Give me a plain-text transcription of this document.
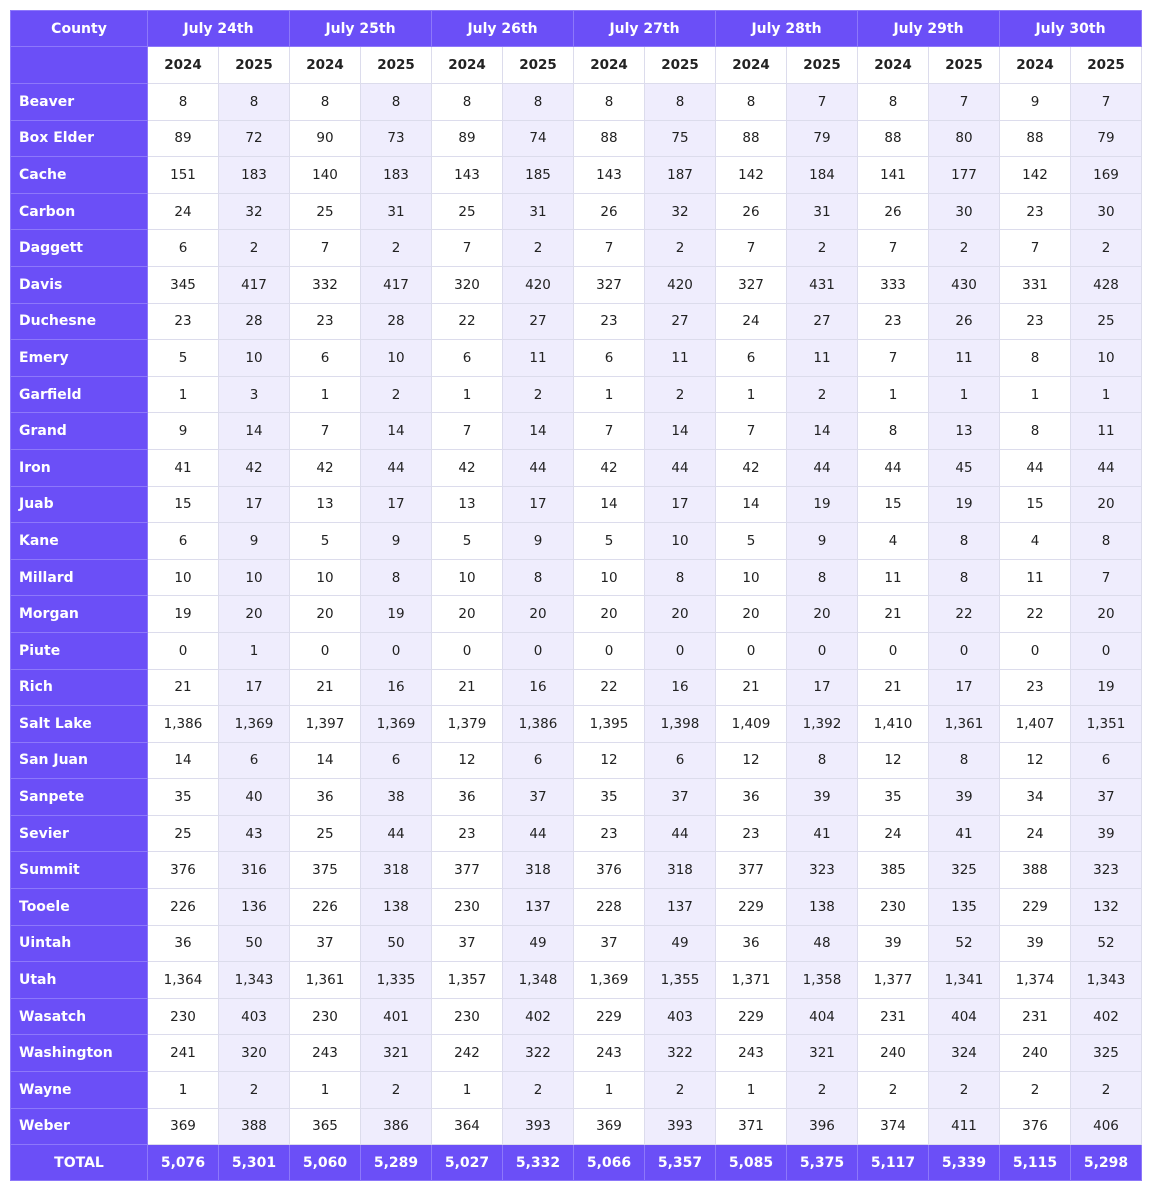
County	July 24th		July 25th		July 26th		July 27th		July 28th		July 29th		July 30th	
	2024	2025	2024	2025	2024	2025	2024	2025	2024	2025	2024	2025	2024	2025
Beaver	8	8	8	8	8	8	8	8	8	7	8	7	9	7
Box Elder	89	72	90	73	89	74	88	75	88	79	88	80	88	79
Cache	151	183	140	183	143	185	143	187	142	184	141	177	142	169
Carbon	24	32	25	31	25	31	26	32	26	31	26	30	23	30
Daggett	6	2	7	2	7	2	7	2	7	2	7	2	7	2
Davis	345	417	332	417	320	420	327	420	327	431	333	430	331	428
Duchesne	23	28	23	28	22	27	23	27	24	27	23	26	23	25
Emery	5	10	6	10	6	11	6	11	6	11	7	11	8	10
Garfield	1	3	1	2	1	2	1	2	1	2	1	1	1	1
Grand	9	14	7	14	7	14	7	14	7	14	8	13	8	11
Iron	41	42	42	44	42	44	42	44	42	44	44	45	44	44
Juab	15	17	13	17	13	17	14	17	14	19	15	19	15	20
Kane	6	9	5	9	5	9	5	10	5	9	4	8	4	8
Millard	10	10	10	8	10	8	10	8	10	8	11	8	11	7
Morgan	19	20	20	19	20	20	20	20	20	20	21	22	22	20
Piute	0	1	0	0	0	0	0	0	0	0	0	0	0	0
Rich	21	17	21	16	21	16	22	16	21	17	21	17	23	19
Salt Lake	1,386	1,369	1,397	1,369	1,379	1,386	1,395	1,398	1,409	1,392	1,410	1,361	1,407	1,351
San Juan	14	6	14	6	12	6	12	6	12	8	12	8	12	6
Sanpete	35	40	36	38	36	37	35	37	36	39	35	39	34	37
Sevier	25	43	25	44	23	44	23	44	23	41	24	41	24	39
Summit	376	316	375	318	377	318	376	318	377	323	385	325	388	323
Tooele	226	136	226	138	230	137	228	137	229	138	230	135	229	132
Uintah	36	50	37	50	37	49	37	49	36	48	39	52	39	52
Utah	1,364	1,343	1,361	1,335	1,357	1,348	1,369	1,355	1,371	1,358	1,377	1,341	1,374	1,343
Wasatch	230	403	230	401	230	402	229	403	229	404	231	404	231	402
Washington	241	320	243	321	242	322	243	322	243	321	240	324	240	325
Wayne	1	2	1	2	1	2	1	2	1	2	2	2	2	2
Weber	369	388	365	386	364	393	369	393	371	396	374	411	376	406
TOTAL	5,076	5,301	5,060	5,289	5,027	5,332	5,066	5,357	5,085	5,375	5,117	5,339	5,115	5,298
